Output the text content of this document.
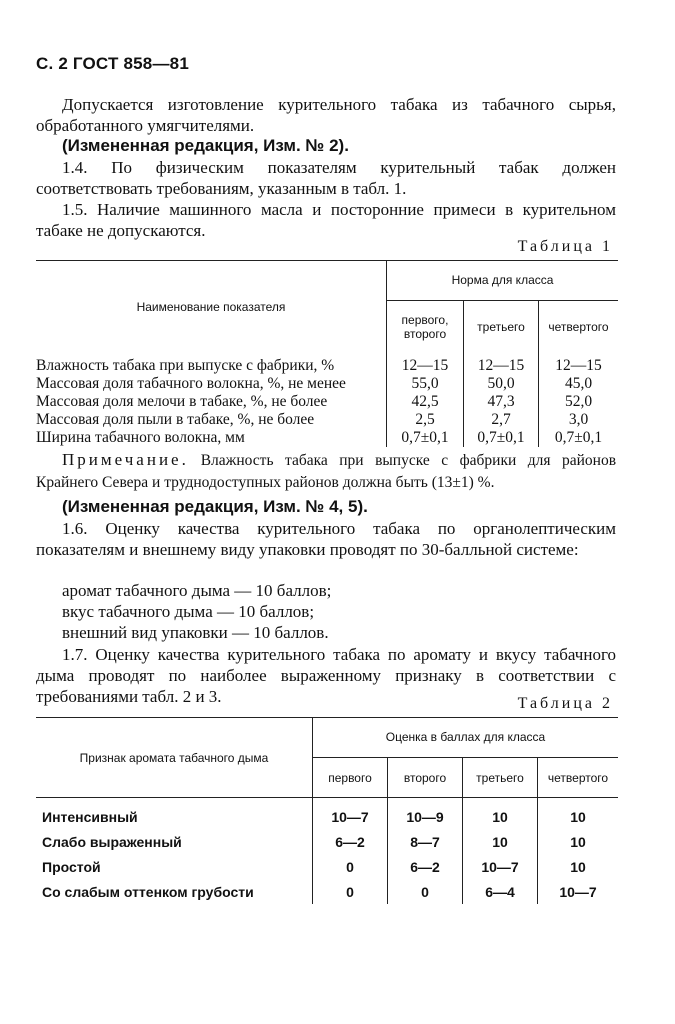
С. 2 ГОСТ 858—81
Допускается изготовление курительного табака из табачного сырья, обработанного умягчителями.
(Измененная редакция, Изм. № 2).
1.4. По физическим показателям курительный табак должен соответствовать требованиям, указанным в табл. 1.
1.5. Наличие машинного масла и посторонние примеси в курительном табаке не допускаются.
Таблица 1
Наименование показателя	Норма для класса		
	первого, второго	третьего	четвертого
Влажность табака при выпуске с фабрики, %	12—15	12—15	12—15
Массовая доля табачного волокна, %, не менее	55,0	50,0	45,0
Массовая доля мелочи в табаке, %, не более	42,5	47,3	52,0
Массовая доля пыли в табаке, %, не более	2,5	2,7	3,0
Ширина табачного волокна, мм	0,7±0,1	0,7±0,1	0,7±0,1
Примечание. Влажность табака при выпуске с фабрики для районов Крайнего Севера и труднодоступных районов должна быть (13±1) %.
(Измененная редакция, Изм. № 4, 5).
1.6. Оценку качества курительного табака по органолептическим показателям и внешнему виду упаковки проводят по 30-балльной системе:
аромат табачного дыма — 10 баллов;
вкус табачного дыма — 10 баллов;
внешний вид упаковки — 10 баллов.
1.7. Оценку качества курительного табака по аромату и вкусу табачного дыма проводят по наиболее выраженному признаку в соответствии с требованиями табл. 2 и 3.	Таблица 2
Признак аромата табачного дыма	Оценка в баллах для класса			
	первого	второго	третьего	четвертого
Интенсивный	10—7	10—9	10	10
Слабо выраженный	6—2	8—7	10	10
Простой	0	6—2	10—7	10
Со слабым оттенком грубости	0	0	6—4	10—7
